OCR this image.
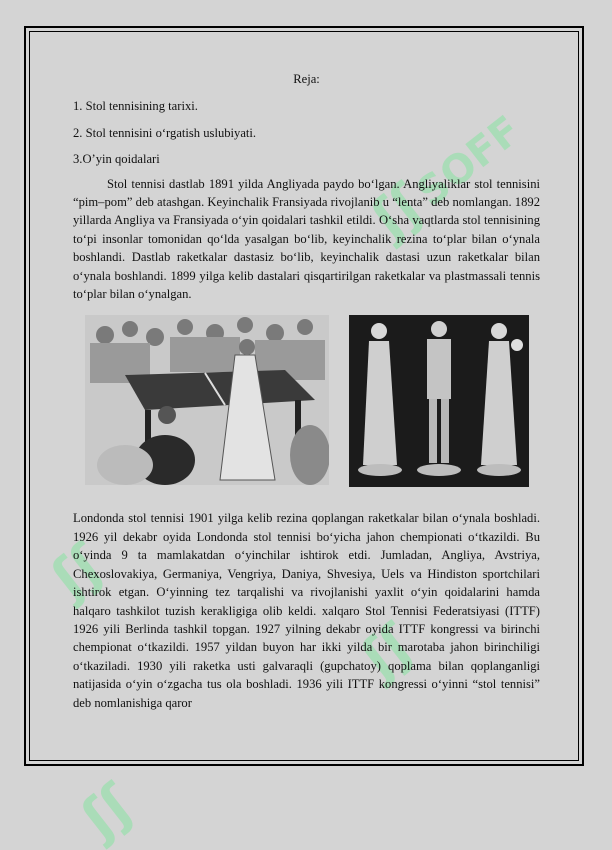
ʃʃSOFF
ʃʃ
ʃʃ
ʃʃ
Reja:
1. Stol tennisining tarixi.
2. Stol tennisini o‘rgatish uslubiyati.
3.O’yin qoidalari

Stol tennisi dastlab 1891 yilda Angliyada paydo bo‘lgan. Angliyaliklar stol tennisini “pim–pom” deb atashgan. Keyinchalik Fransiyada rivojlanib u “lenta” deb nomlangan. 1892 yillarda Angliya va Fransiyada o‘yin qoidalari tashkil etildi. O‘sha vaqtlarda stol tennisining to‘pi insonlar tomonidan qo‘lda yasalgan bo‘lib, keyinchalik rezina to‘plar bilan o‘ynala boshlandi. Dastlab raketkalar dastasiz bo‘lib, keyinchalik dastasi uzun raketkalar bilan o‘ynala boshlandi. 1899 yilga kelib dastalari qisqartirilgan raketkalar va plastmassali tennis to‘plar bilan o‘ynalgan.

Londonda stol tennisi 1901 yilga kelib rezina qoplangan raketkalar bilan o‘ynala boshladi. 1926 yil dekabr oyida Londonda stol tennisi bo‘yicha jahon chempionati o‘tkazildi. Bu o‘yinda 9 ta mamlakatdan o‘yinchilar ishtirok etdi. Jumladan, Angliya, Avstriya, Chexoslovakiya, Germaniya, Vengriya, Daniya, Shvesiya, Uels va Hindiston sportchilari ishtirok etgan. O‘yinning tez tarqalishi va rivojlanishi yaxlit o‘yin qoidalarini hamda halqaro tashkilot tuzish kerakligiga olib keldi. xalqaro Stol Tennisi Federatsiyasi (ITTF) 1926 yili Berlinda tashkil topgan. 1927 yilning dekabr oyida ITTF kongressi va birinchi chempionat o‘tkazildi. 1957 yildan buyon har ikki yilda bir marotaba jahon birinchiligi o‘tkaziladi. 1930 yili raketka usti galvaraqli (gupchatoy) qoplama bilan qoplanganligi natijasida o‘yin o‘zgacha tus ola boshladi. 1936 yili ITTF kongressi o‘yinni “stol tennisi” deb nomlanishiga qaror
